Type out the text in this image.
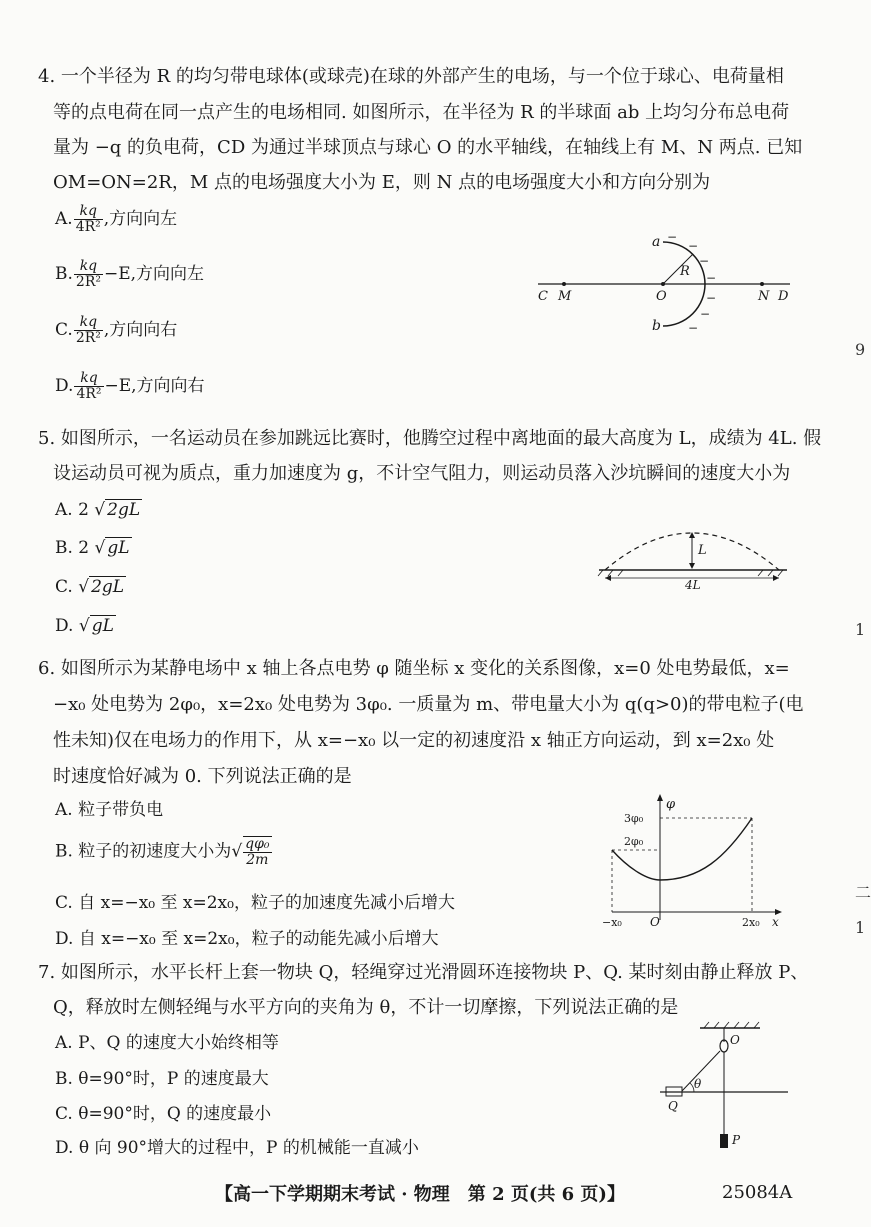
4. 一个半径为 R 的均匀带电球体(或球壳)在球的外部产生的电场，与一个位于球心、电荷量相
等的点电荷在同一点产生的电场相同. 如图所示，在半径为 R 的半球面 ab 上均匀分布总电荷
量为 −q 的负电荷，CD 为通过半球顶点与球心 O 的水平轴线，在轴线上有 M、N 两点. 已知
OM=ON=2R，M 点的电场强度大小为 E，则 N 点的电场强度大小和方向分别为
A. $\frac{kq}{\text{4R²}}$ ,方向向左
B. $\frac{kq}{\text{2R²}} -E$,方向向左
C. $\frac{kq}{\text{2R²}}$ ,方向向右
D. $\frac{kq}{\text{4R²}} -E$,方向向右
a
b
R
C M	O	N D
−
−
−
−
−
−
−
5. 如图所示，一名运动员在参加跳远比赛时，他腾空过程中离地面的最大高度为 L，成绩为 4L. 假
设运动员可视为质点，重力加速度为 g，不计空气阻力，则运动员落入沙坑瞬间的速度大小为
A. 2 √ 2gL
B. 2 √ gL
C. √ 2gL
D. √ gL
L
4L
6. 如图所示为某静电场中 x 轴上各点电势 φ 随坐标 x 变化的关系图像，x=0 处电势最低，x=
−x₀ 处电势为 2φ₀，x=2x₀ 处电势为 3φ₀. 一质量为 m、带电量大小为 q(q>0)的带电粒子(电
性未知)仅在电场力的作用下，从 x=−x₀ 以一定的初速度沿 x 轴正方向运动，到 x=2x₀ 处
时速度恰好减为 0. 下列说法正确的是
A. 粒子带负电
B. 粒子的初速度大小为√ $\frac{\text{qφ₀}}{2m}$
C. 自 x=−x₀ 至 x=2x₀，粒子的加速度先减小后增大
D. 自 x=−x₀ 至 x=2x₀，粒子的动能先减小后增大
φ
x
O
3φ₀
2φ₀
−x₀	2x₀
7. 如图所示，水平长杆上套一物块 Q，轻绳穿过光滑圆环连接物块 P、Q. 某时刻由静止释放 P、
Q，释放时左侧轻绳与水平方向的夹角为 θ，不计一切摩擦，下列说法正确的是
A. P、Q 的速度大小始终相等
B. θ=90°时，P 的速度最大
C. θ=90°时，Q 的速度最小
D. θ 向 90°增大的过程中，P 的机械能一直减小
O
θ
Q
P
【高一下学期期末考试 · 物理　第 2 页(共 6 页)】	25084A
9
1
二
1
